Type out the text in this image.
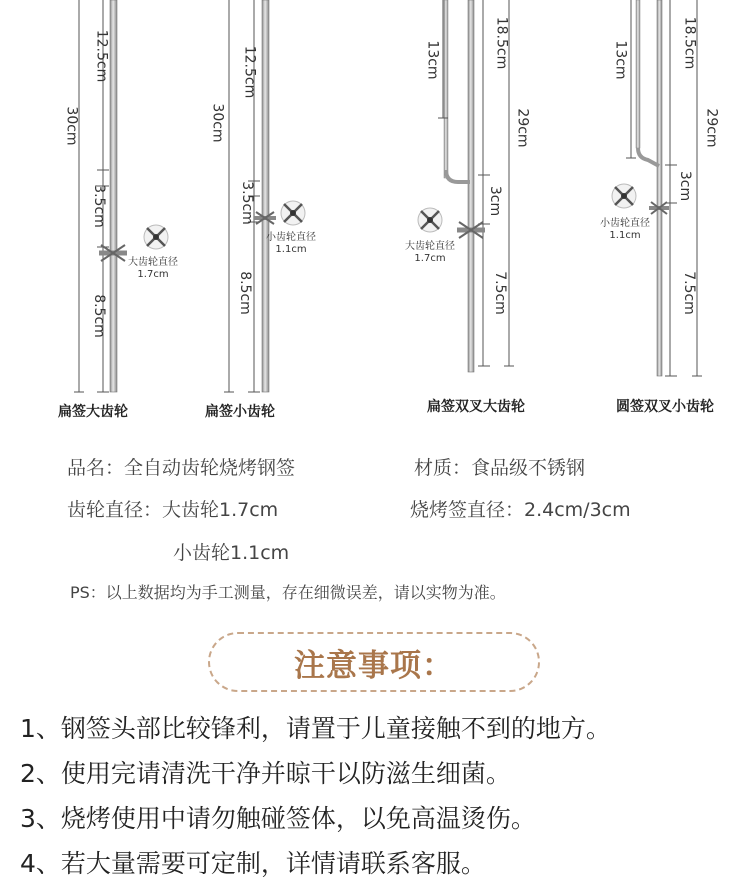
12.5cm
30cm
3.5cm
8.5cm
12.5cm
30cm
3.5cm
8.5cm
13cm	18.5cm
29cm
3cm
7.5cm
13cm	18.5cm
29cm
3cm
7.5cm
大齿轮直径
1.7cm
小齿轮直径
1.1cm	大齿轮直径
1.7cm
小齿轮直径
1.1cm
扁签大齿轮	扁签小齿轮	扁签双叉大齿轮	圆签双叉小齿轮
品名：全自动齿轮烧烤钢签	材质：食品级不锈钢
齿轮直径：大齿轮1.7cm	烧烤签直径：2.4cm/3cm
小齿轮1.1cm
PS：以上数据均为手工测量，存在细微误差，请以实物为准。
注意事项：
1、钢签头部比较锋利，请置于儿童接触不到的地方。
2、使用完请清洗干净并晾干以防滋生细菌。
3、烧烤使用中请勿触碰签体，以免高温烫伤。
4、若大量需要可定制，详情请联系客服。
